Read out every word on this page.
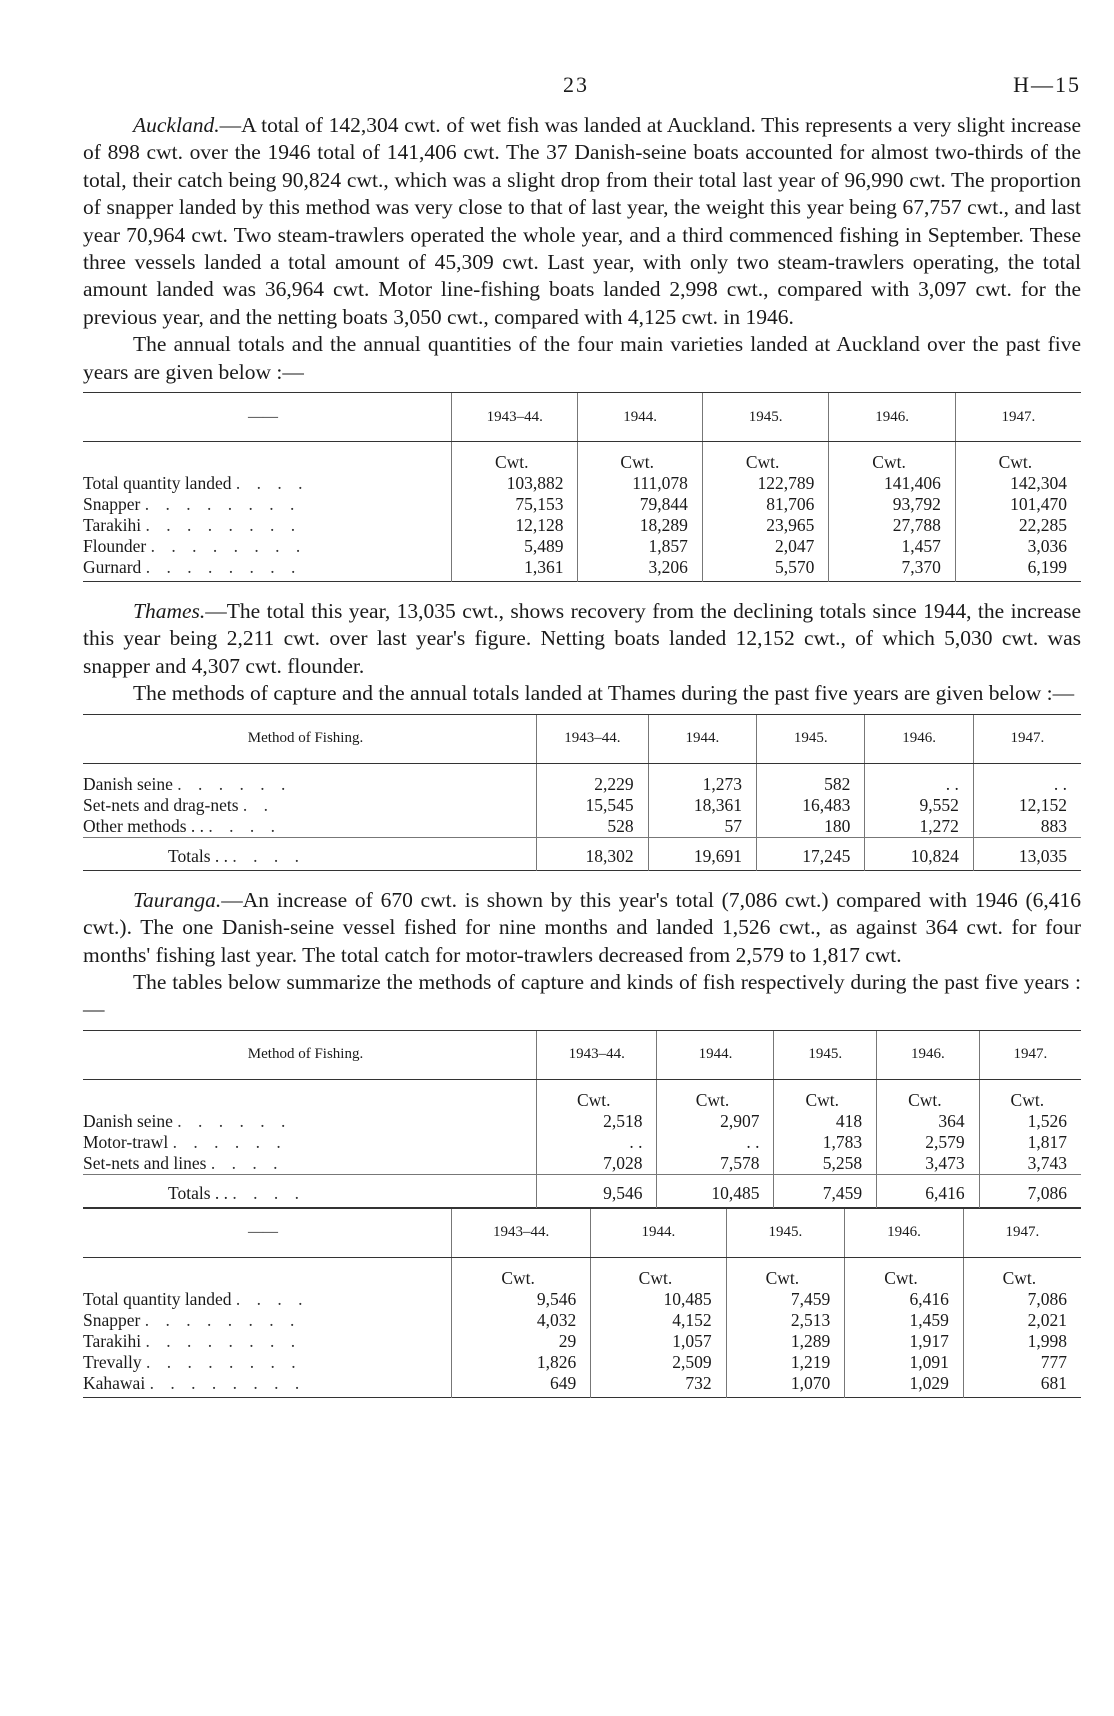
23	H—15

Auckland.—A total of 142,304 cwt. of wet fish was landed at Auckland. This represents a very slight increase of 898 cwt. over the 1946 total of 141,406 cwt. The 37 Danish-seine boats accounted for almost two-thirds of the total, their catch being 90,824 cwt., which was a slight drop from their total last year of 96,990 cwt. The proportion of snapper landed by this method was very close to that of last year, the weight this year being 67,757 cwt., and last year 70,964 cwt. Two steam-trawlers operated the whole year, and a third commenced fishing in September. These three vessels landed a total amount of 45,309 cwt. Last year, with only two steam-trawlers operating, the total amount landed was 36,964 cwt. Motor line-fishing boats landed 2,998 cwt., compared with 3,097 cwt. for the previous year, and the netting boats 3,050 cwt., compared with 4,125 cwt. in 1946.

The annual totals and the annual quantities of the four main varieties landed at Auckland over the past five years are given below :—

——	1943–44.	1944.	1945.	1946.	1947.
	Cwt.	Cwt.	Cwt.	Cwt.	Cwt.
Total quantity landed . . . .	103,882	111,078	122,789	141,406	142,304
Snapper . . . . . . . .	75,153	79,844	81,706	93,792	101,470
Tarakihi . . . . . . . .	12,128	18,289	23,965	27,788	22,285
Flounder . . . . . . . .	5,489	1,857	2,047	1,457	3,036
Gurnard . . . . . . . .	1,361	3,206	5,570	7,370	6,199

Thames.—The total this year, 13,035 cwt., shows recovery from the declining totals since 1944, the increase this year being 2,211 cwt. over last year's figure. Netting boats landed 12,152 cwt., of which 5,030 cwt. was snapper and 4,307 cwt. flounder.

The methods of capture and the annual totals landed at Thames during the past five years are given below :—

Method of Fishing.	1943–44.	1944.	1945.	1946.	1947.
Danish seine . . . . . .	2,229	1,273	582	. .	. .
Set-nets and drag-nets . .	15,545	18,361	16,483	9,552	12,152
Other methods . . . . . .	528	57	180	1,272	883
Totals . . . . . .	18,302	19,691	17,245	10,824	13,035

Tauranga.—An increase of 670 cwt. is shown by this year's total (7,086 cwt.) compared with 1946 (6,416 cwt.). The one Danish-seine vessel fished for nine months and landed 1,526 cwt., as against 364 cwt. for four months' fishing last year. The total catch for motor-trawlers decreased from 2,579 to 1,817 cwt.

The tables below summarize the methods of capture and kinds of fish respectively during the past five years :—

Method of Fishing.	1943–44.	1944.	1945.	1946.	1947.
	Cwt.	Cwt.	Cwt.	Cwt.	Cwt.
Danish seine . . . . . .	2,518	2,907	418	364	1,526
Motor-trawl . . . . . .	. .	. .	1,783	2,579	1,817
Set-nets and lines . . . .	7,028	7,578	5,258	3,473	3,743
Totals . . . . . .	9,546	10,485	7,459	6,416	7,086
——	1943–44.	1944.	1945.	1946.	1947.
	Cwt.	Cwt.	Cwt.	Cwt.	Cwt.
Total quantity landed . . . .	9,546	10,485	7,459	6,416	7,086
Snapper . . . . . . . .	4,032	4,152	2,513	1,459	2,021
Tarakihi . . . . . . . .	29	1,057	1,289	1,917	1,998
Trevally . . . . . . . .	1,826	2,509	1,219	1,091	777
Kahawai . . . . . . . .	649	732	1,070	1,029	681
